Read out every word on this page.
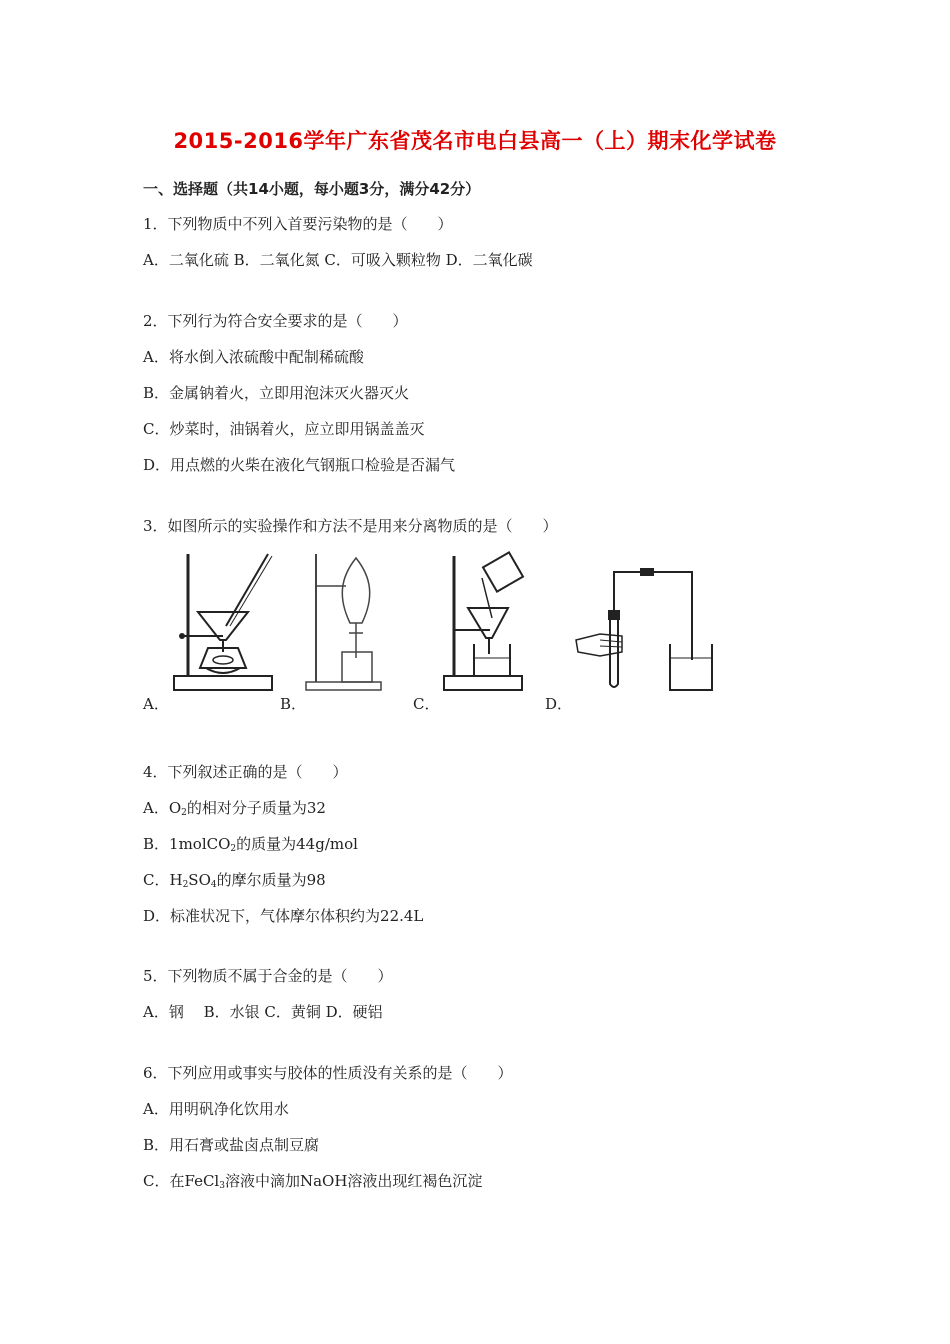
2015-2016学年广东省茂名市电白县高一（上）期末化学试卷
一、选择题（共14小题，每小题3分，满分42分）
1．下列物质中不列入首要污染物的是（　　）
A．二氧化硫 B．二氧化氮 C．可吸入颗粒物 D．二氧化碳
2．下列行为符合安全要求的是（　　）
A．将水倒入浓硫酸中配制稀硫酸
B．金属钠着火，立即用泡沫灭火器灭火
C．炒菜时，油锅着火，应立即用锅盖盖灭
D．用点燃的火柴在液化气钢瓶口检验是否漏气
3．如图所示的实验操作和方法不是用来分离物质的是（　　）
A．	B．	C．	D．
4．下列叙述正确的是（　　）
A．$O_2$的相对分子质量为32
B．1molCO$_2$的质量为44g/mol
C．$H_2SO_4$的摩尔质量为98
D．标准状况下，气体摩尔体积约为22.4L
5．下列物质不属于合金的是（　　）
A．钢　 B．水银 C．黄铜 D．硬铝
6．下列应用或事实与胶体的性质没有关系的是（　　）
A．用明矾净化饮用水
B．用石膏或盐卤点制豆腐
C．在FeCl$_3$溶液中滴加NaOH溶液出现红褐色沉淀
